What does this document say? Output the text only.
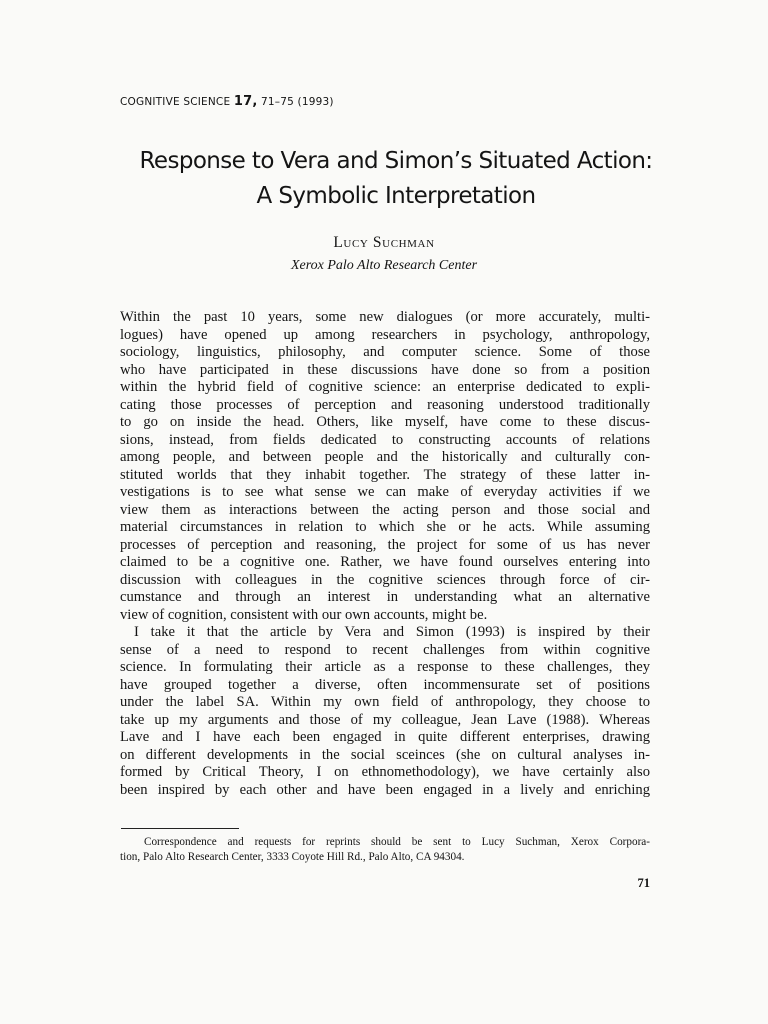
COGNITIVE SCIENCE 17, 71–75 (1993)
Response to Vera and Simon’s Situated Action:
A Symbolic Interpretation
Lucy Suchman
Xerox Palo Alto Research Center
Within the past 10 years, some new dialogues (or more accurately, multi-
logues) have opened up among researchers in psychology, anthropology,
sociology, linguistics, philosophy, and computer science. Some of those
who have participated in these discussions have done so from a position
within the hybrid field of cognitive science: an enterprise dedicated to expli-
cating those processes of perception and reasoning understood traditionally
to go on inside the head. Others, like myself, have come to these discus-
sions, instead, from fields dedicated to constructing accounts of relations
among people, and between people and the historically and culturally con-
stituted worlds that they inhabit together. The strategy of these latter in-
vestigations is to see what sense we can make of everyday activities if we
view them as interactions between the acting person and those social and
material circumstances in relation to which she or he acts. While assuming
processes of perception and reasoning, the project for some of us has never
claimed to be a cognitive one. Rather, we have found ourselves entering into
discussion with colleagues in the cognitive sciences through force of cir-
cumstance and through an interest in understanding what an alternative
view of cognition, consistent with our own accounts, might be.
I take it that the article by Vera and Simon (1993) is inspired by their
sense of a need to respond to recent challenges from within cognitive
science. In formulating their article as a response to these challenges, they
have grouped together a diverse, often incommensurate set of positions
under the label SA. Within my own field of anthropology, they choose to
take up my arguments and those of my colleague, Jean Lave (1988). Whereas
Lave and I have each been engaged in quite different enterprises, drawing
on different developments in the social sceinces (she on cultural analyses in-
formed by Critical Theory, I on ethnomethodology), we have certainly also
been inspired by each other and have been engaged in a lively and enriching
Correspondence and requests for reprints should be sent to Lucy Suchman, Xerox Corpora-
tion, Palo Alto Research Center, 3333 Coyote Hill Rd., Palo Alto, CA 94304.
71
